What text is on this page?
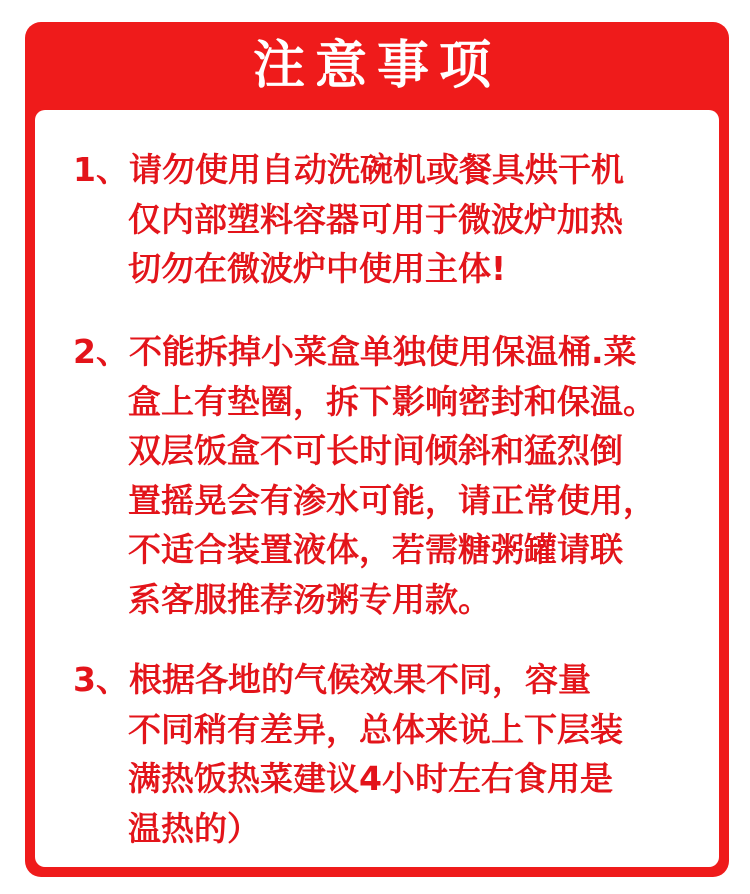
注意事项
1、请勿使用自动洗碗机或餐具烘干机
仅内部塑料容器可用于微波炉加热
切勿在微波炉中使用主体!
2、不能拆掉小菜盒单独使用保温桶.菜
盒上有垫圈，拆下影响密封和保温。
双层饭盒不可长时间倾斜和猛烈倒
置摇晃会有渗水可能，请正常使用，
不适合装置液体，若需糖粥罐请联
系客服推荐汤粥专用款。
3、根据各地的气候效果不同，容量
不同稍有差异，总体来说上下层装
满热饭热菜建议4小时左右食用是
温热的）
